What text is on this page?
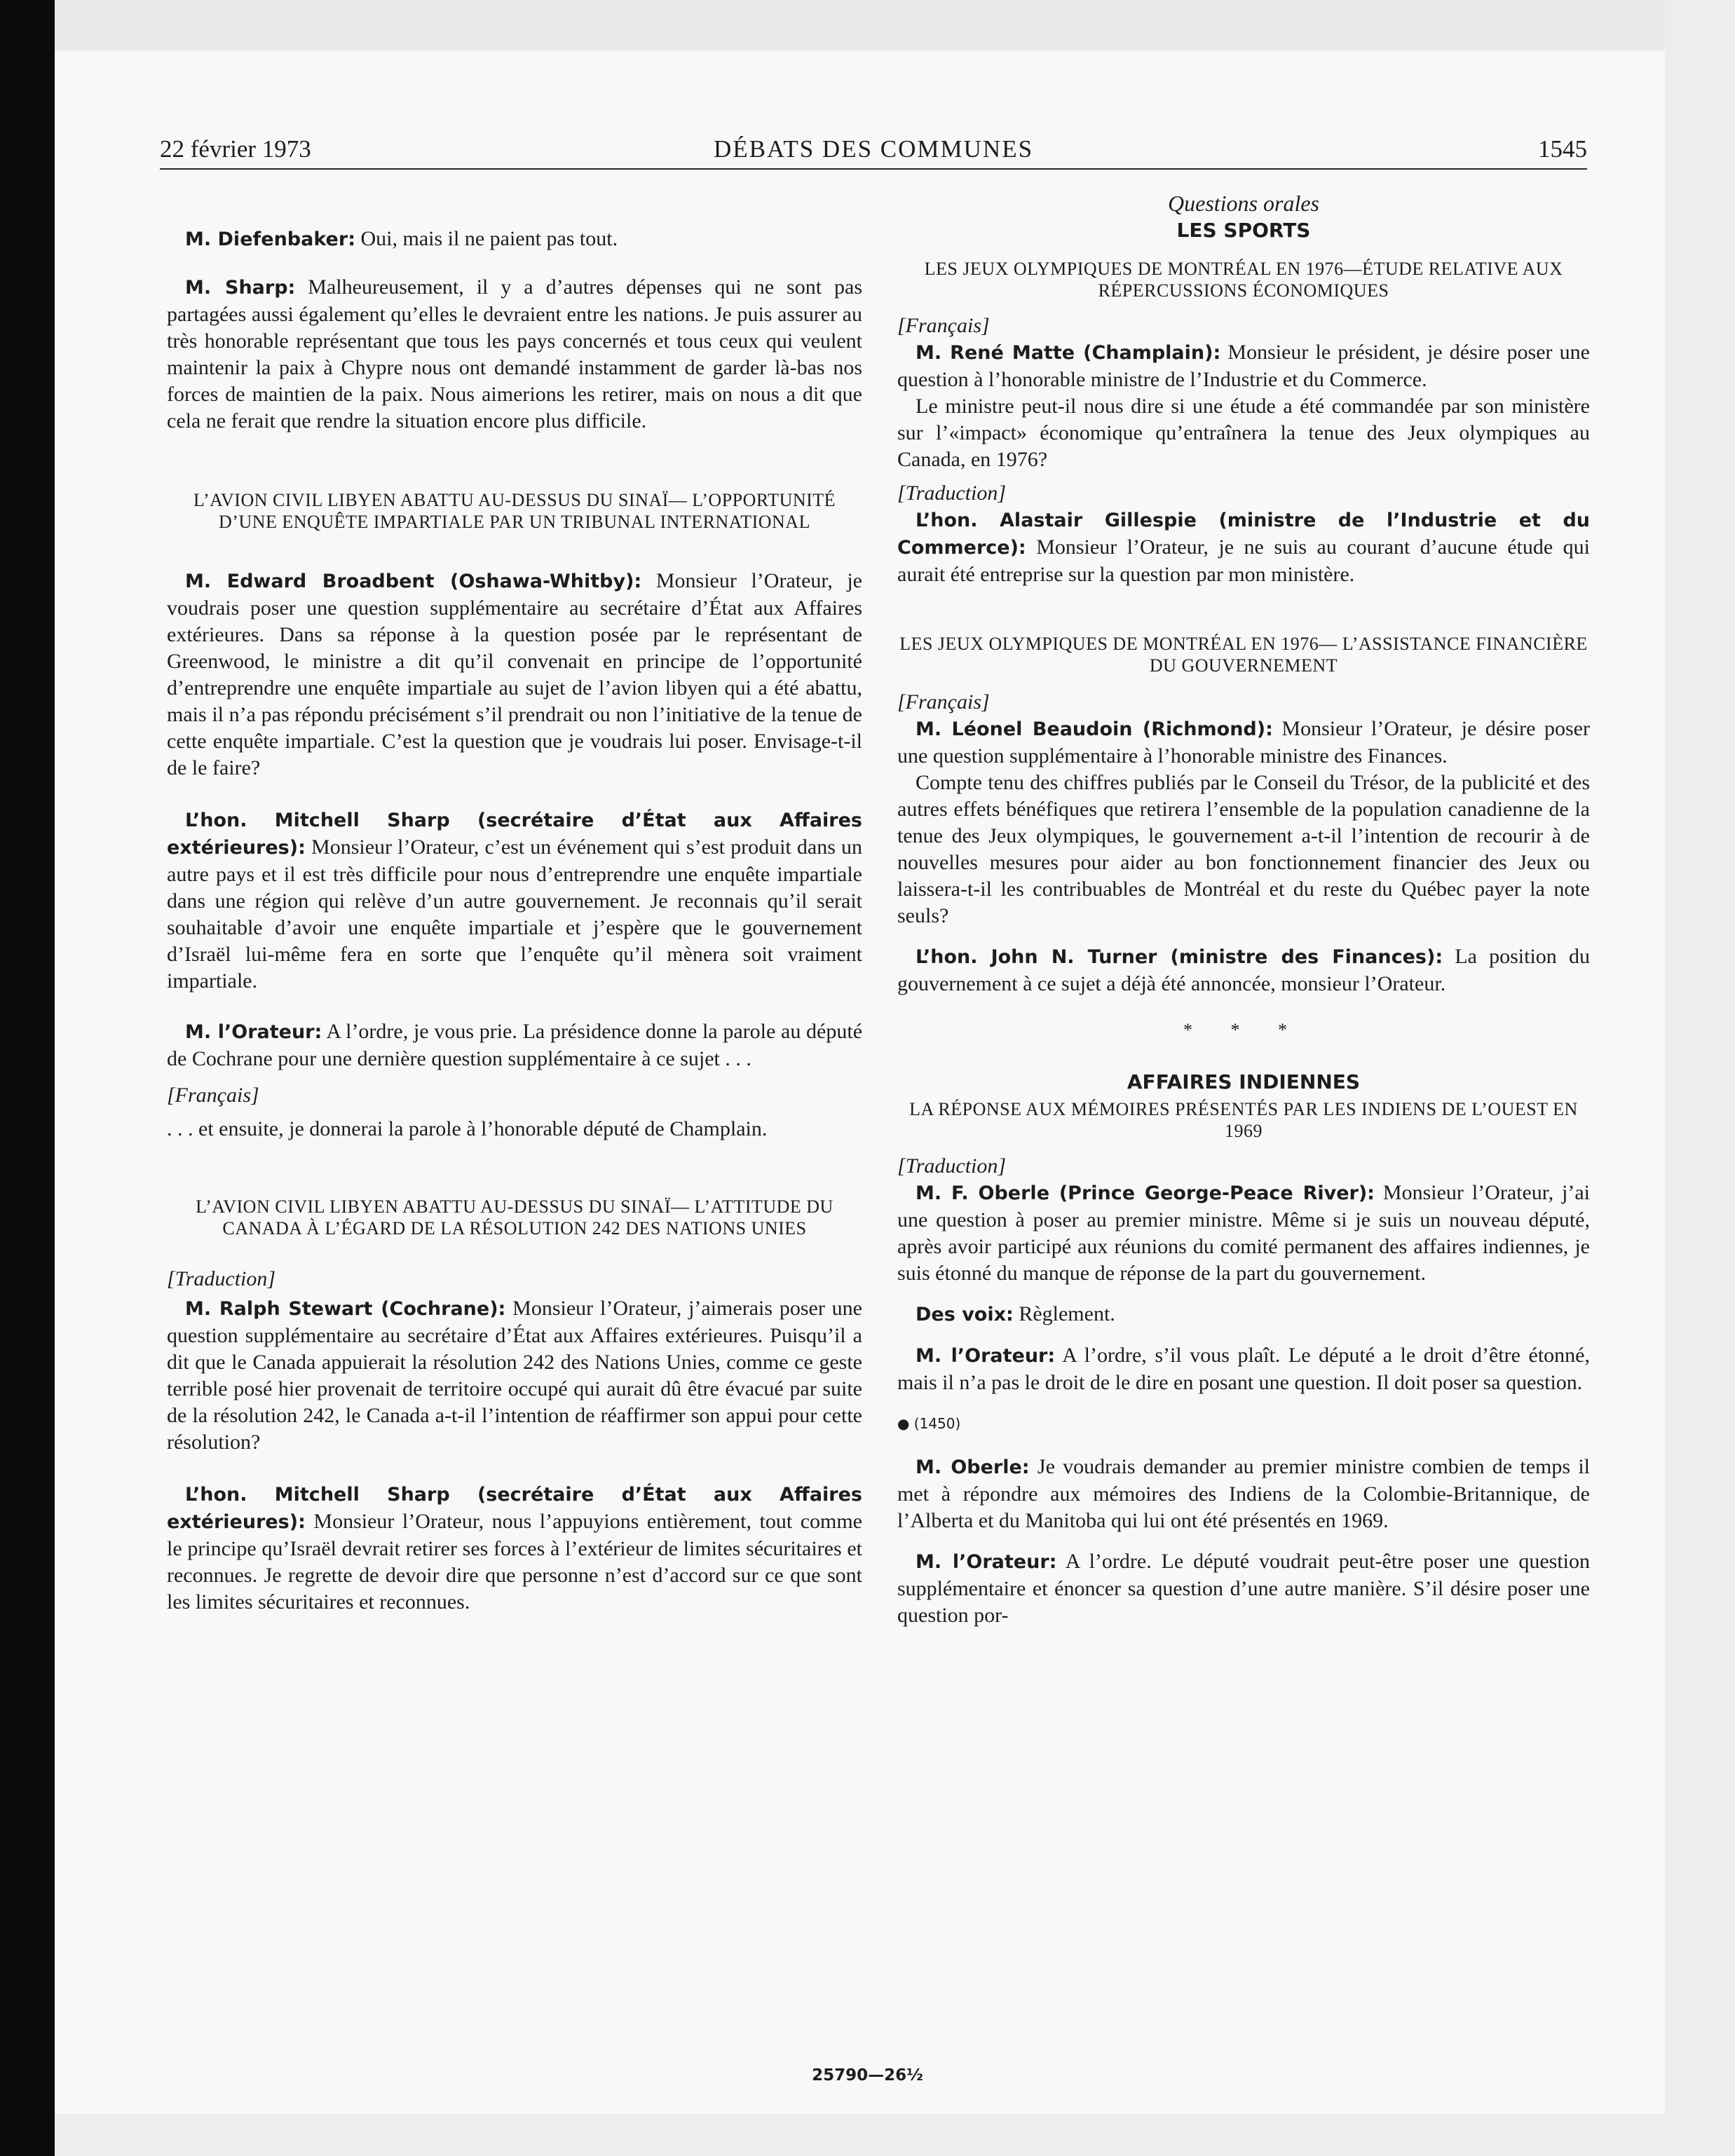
22 février 1973	DÉBATS DES COMMUNES	1545

M. Diefenbaker: Oui, mais il ne paient pas tout.

M. Sharp: Malheureusement, il y a d’autres dépenses qui ne sont pas partagées aussi également qu’elles le devraient entre les nations. Je puis assurer au très honorable représentant que tous les pays concernés et tous ceux qui veulent maintenir la paix à Chypre nous ont demandé instamment de garder là-bas nos forces de maintien de la paix. Nous aimerions les retirer, mais on nous a dit que cela ne ferait que rendre la situation encore plus difficile.

L’AVION CIVIL LIBYEN ABATTU AU-DESSUS DU SINAÏ— L’OPPORTUNITÉ D’UNE ENQUÊTE IMPARTIALE PAR UN TRIBUNAL INTERNATIONAL

M. Edward Broadbent (Oshawa-Whitby): Monsieur l’Orateur, je voudrais poser une question supplémentaire au secrétaire d’État aux Affaires extérieures. Dans sa réponse à la question posée par le représentant de Greenwood, le ministre a dit qu’il convenait en principe de l’opportunité d’entreprendre une enquête impartiale au sujet de l’avion libyen qui a été abattu, mais il n’a pas répondu précisément s’il prendrait ou non l’initiative de la tenue de cette enquête impartiale. C’est la question que je voudrais lui poser. Envisage-t-il de le faire?

L’hon. Mitchell Sharp (secrétaire d’État aux Affaires extérieures): Monsieur l’Orateur, c’est un événement qui s’est produit dans un autre pays et il est très difficile pour nous d’entreprendre une enquête impartiale dans une région qui relève d’un autre gouvernement. Je reconnais qu’il serait souhaitable d’avoir une enquête impartiale et j’espère que le gouvernement d’Israël lui-même fera en sorte que l’enquête qu’il mènera soit vraiment impartiale.

M. l’Orateur: A l’ordre, je vous prie. La présidence donne la parole au député de Cochrane pour une dernière question supplémentaire à ce sujet . . .

[Français]

. . . et ensuite, je donnerai la parole à l’honorable député de Champlain.

L’AVION CIVIL LIBYEN ABATTU AU-DESSUS DU SINAÏ— L’ATTITUDE DU CANADA À L’ÉGARD DE LA RÉSOLUTION 242 DES NATIONS UNIES

[Traduction]

M. Ralph Stewart (Cochrane): Monsieur l’Orateur, j’aimerais poser une question supplémentaire au secrétaire d’État aux Affaires extérieures. Puisqu’il a dit que le Canada appuierait la résolution 242 des Nations Unies, comme ce geste terrible posé hier provenait de territoire occupé qui aurait dû être évacué par suite de la résolution 242, le Canada a-t-il l’intention de réaffirmer son appui pour cette résolution?

L’hon. Mitchell Sharp (secrétaire d’État aux Affaires extérieures): Monsieur l’Orateur, nous l’appuyions entièrement, tout comme le principe qu’Israël devrait retirer ses forces à l’extérieur de limites sécuritaires et reconnues. Je regrette de devoir dire que personne n’est d’accord sur ce que sont les limites sécuritaires et reconnues.

Questions orales

LES SPORTS

LES JEUX OLYMPIQUES DE MONTRÉAL EN 1976—ÉTUDE RELATIVE AUX RÉPERCUSSIONS ÉCONOMIQUES

[Français]

M. René Matte (Champlain): Monsieur le président, je désire poser une question à l’honorable ministre de l’Industrie et du Commerce.

Le ministre peut-il nous dire si une étude a été commandée par son ministère sur l’«impact» économique qu’entraînera la tenue des Jeux olympiques au Canada, en 1976?

[Traduction]

L’hon. Alastair Gillespie (ministre de l’Industrie et du Commerce): Monsieur l’Orateur, je ne suis au courant d’aucune étude qui aurait été entreprise sur la question par mon ministère.

LES JEUX OLYMPIQUES DE MONTRÉAL EN 1976— L’ASSISTANCE FINANCIÈRE DU GOUVERNEMENT

[Français]

M. Léonel Beaudoin (Richmond): Monsieur l’Orateur, je désire poser une question supplémentaire à l’honorable ministre des Finances.

Compte tenu des chiffres publiés par le Conseil du Trésor, de la publicité et des autres effets bénéfiques que retirera l’ensemble de la population canadienne de la tenue des Jeux olympiques, le gouvernement a-t-il l’intention de recourir à de nouvelles mesures pour aider au bon fonctionnement financier des Jeux ou laissera-t-il les contribuables de Montréal et du reste du Québec payer la note seuls?

L’hon. John N. Turner (ministre des Finances): La position du gouvernement à ce sujet a déjà été annoncée, monsieur l’Orateur.

* * *

AFFAIRES INDIENNES

LA RÉPONSE AUX MÉMOIRES PRÉSENTÉS PAR LES INDIENS DE L’OUEST EN 1969

[Traduction]

M. F. Oberle (Prince George-Peace River): Monsieur l’Orateur, j’ai une question à poser au premier ministre. Même si je suis un nouveau député, après avoir participé aux réunions du comité permanent des affaires indiennes, je suis étonné du manque de réponse de la part du gouvernement.

Des voix: Règlement.

M. l’Orateur: A l’ordre, s’il vous plaît. Le député a le droit d’être étonné, mais il n’a pas le droit de le dire en posant une question. Il doit poser sa question.

● (1450)

M. Oberle: Je voudrais demander au premier ministre combien de temps il met à répondre aux mémoires des Indiens de la Colombie-Britannique, de l’Alberta et du Manitoba qui lui ont été présentés en 1969.

M. l’Orateur: A l’ordre. Le député voudrait peut-être poser une question supplémentaire et énoncer sa question d’une autre manière. S’il désire poser une question por-

25790—26½
